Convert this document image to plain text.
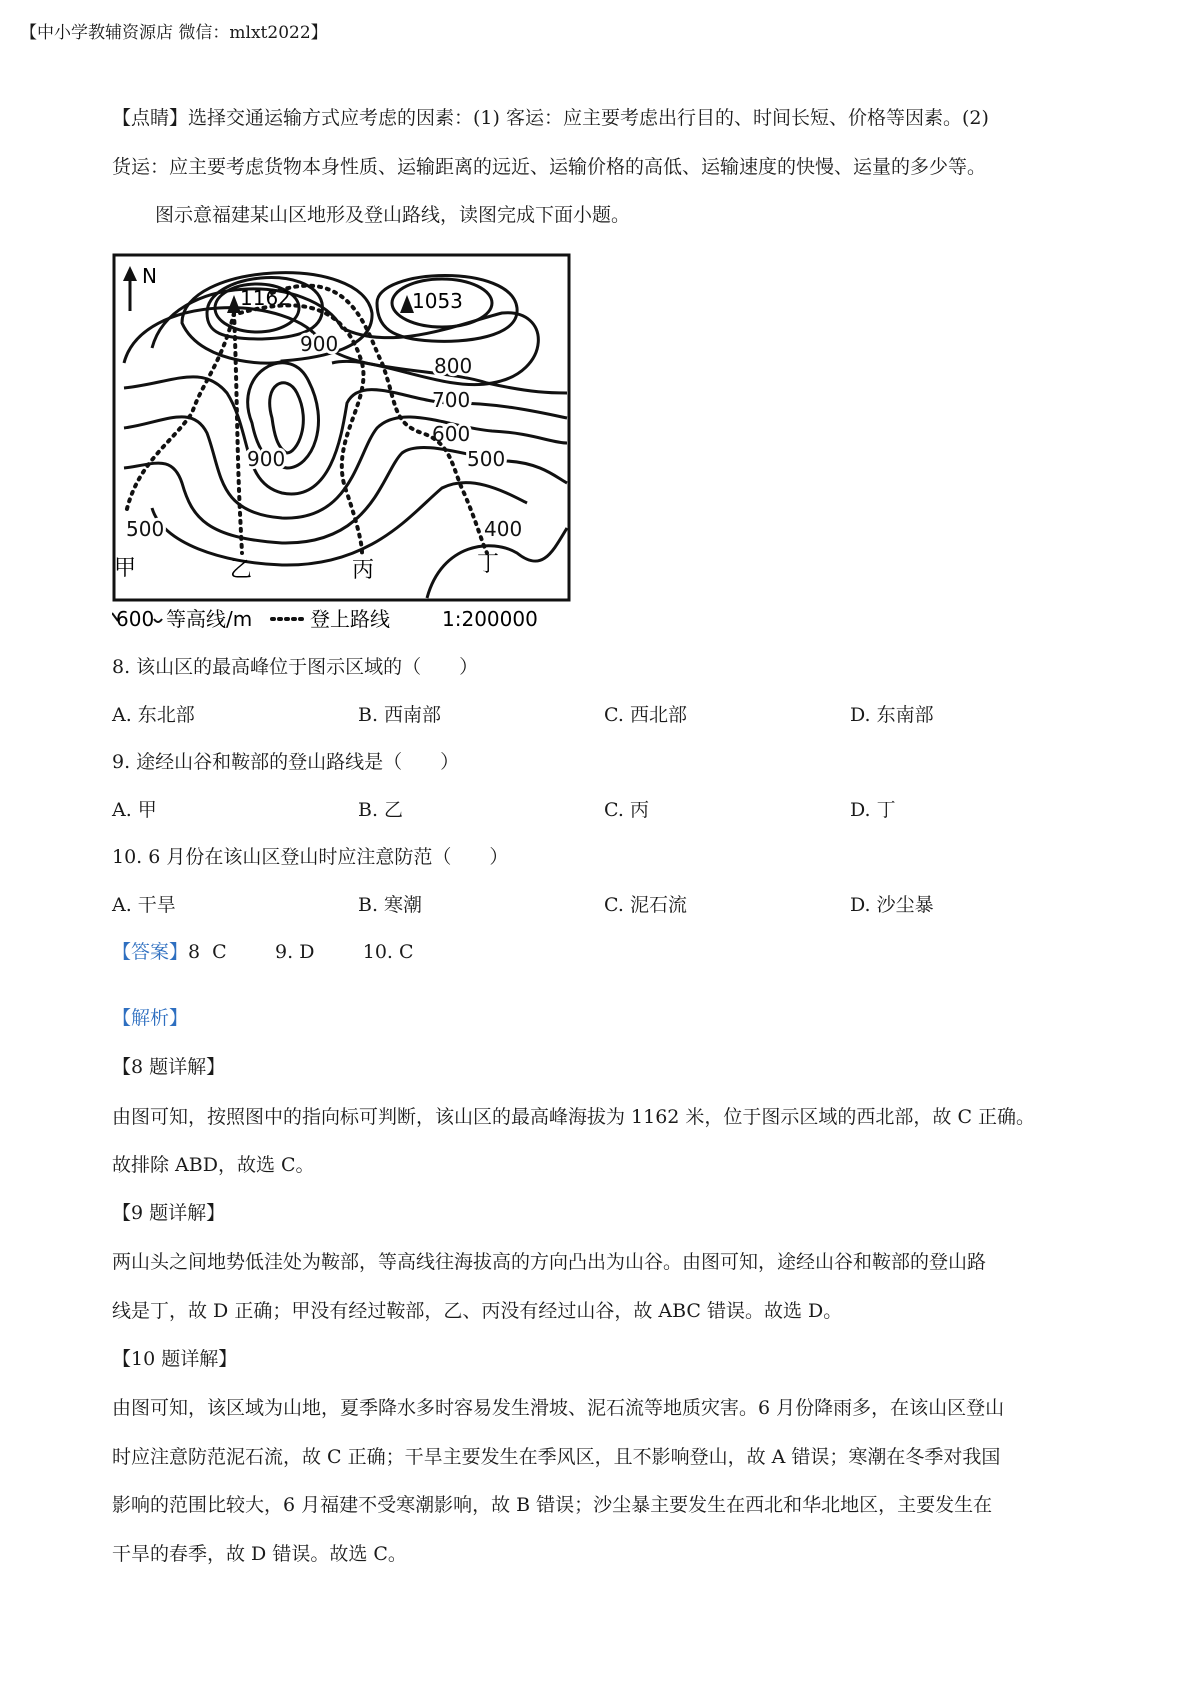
【中小学教辅资源店 微信：mlxt2022】
【点睛】选择交通运输方式应考虑的因素：(1) 客运：应主要考虑出行目的、时间长短、价格等因素。(2)
货运：应主要考虑货物本身性质、运输距离的远近、运输价格的高低、运输速度的快慢、运量的多少等。
图示意福建某山区地形及登山路线，读图完成下面小题。
N
1162	1053
900
800
700
600
900	500
500	400
甲	乙	丙	丁
600 等高线/m	登上路线	1:200000
8. 该山区的最高峰位于图示区域的（　　）
A. 东北部	B. 西南部	C. 西北部	D. 东南部
9. 途经山谷和鞍部的登山路线是（　　）
A. 甲	B. 乙	C. 丙	D. 丁
10. 6 月份在该山区登山时应注意防范（　　）
A. 干旱	B. 寒潮	C. 泥石流	D. 沙尘暴
【答案】8  C        9. D        10. C
【解析】
【8 题详解】
由图可知，按照图中的指向标可判断，该山区的最高峰海拔为 1162 米，位于图示区域的西北部，故 C 正确。
故排除 ABD，故选 C。
【9 题详解】
两山头之间地势低洼处为鞍部，等高线往海拔高的方向凸出为山谷。由图可知，途经山谷和鞍部的登山路
线是丁，故 D 正确；甲没有经过鞍部，乙、丙没有经过山谷，故 ABC 错误。故选 D。
【10 题详解】
由图可知，该区域为山地，夏季降水多时容易发生滑坡、泥石流等地质灾害。6 月份降雨多，在该山区登山
时应注意防范泥石流，故 C 正确；干旱主要发生在季风区，且不影响登山，故 A 错误；寒潮在冬季对我国
影响的范围比较大，6 月福建不受寒潮影响，故 B 错误；沙尘暴主要发生在西北和华北地区，主要发生在
干旱的春季，故 D 错误。故选 C。
